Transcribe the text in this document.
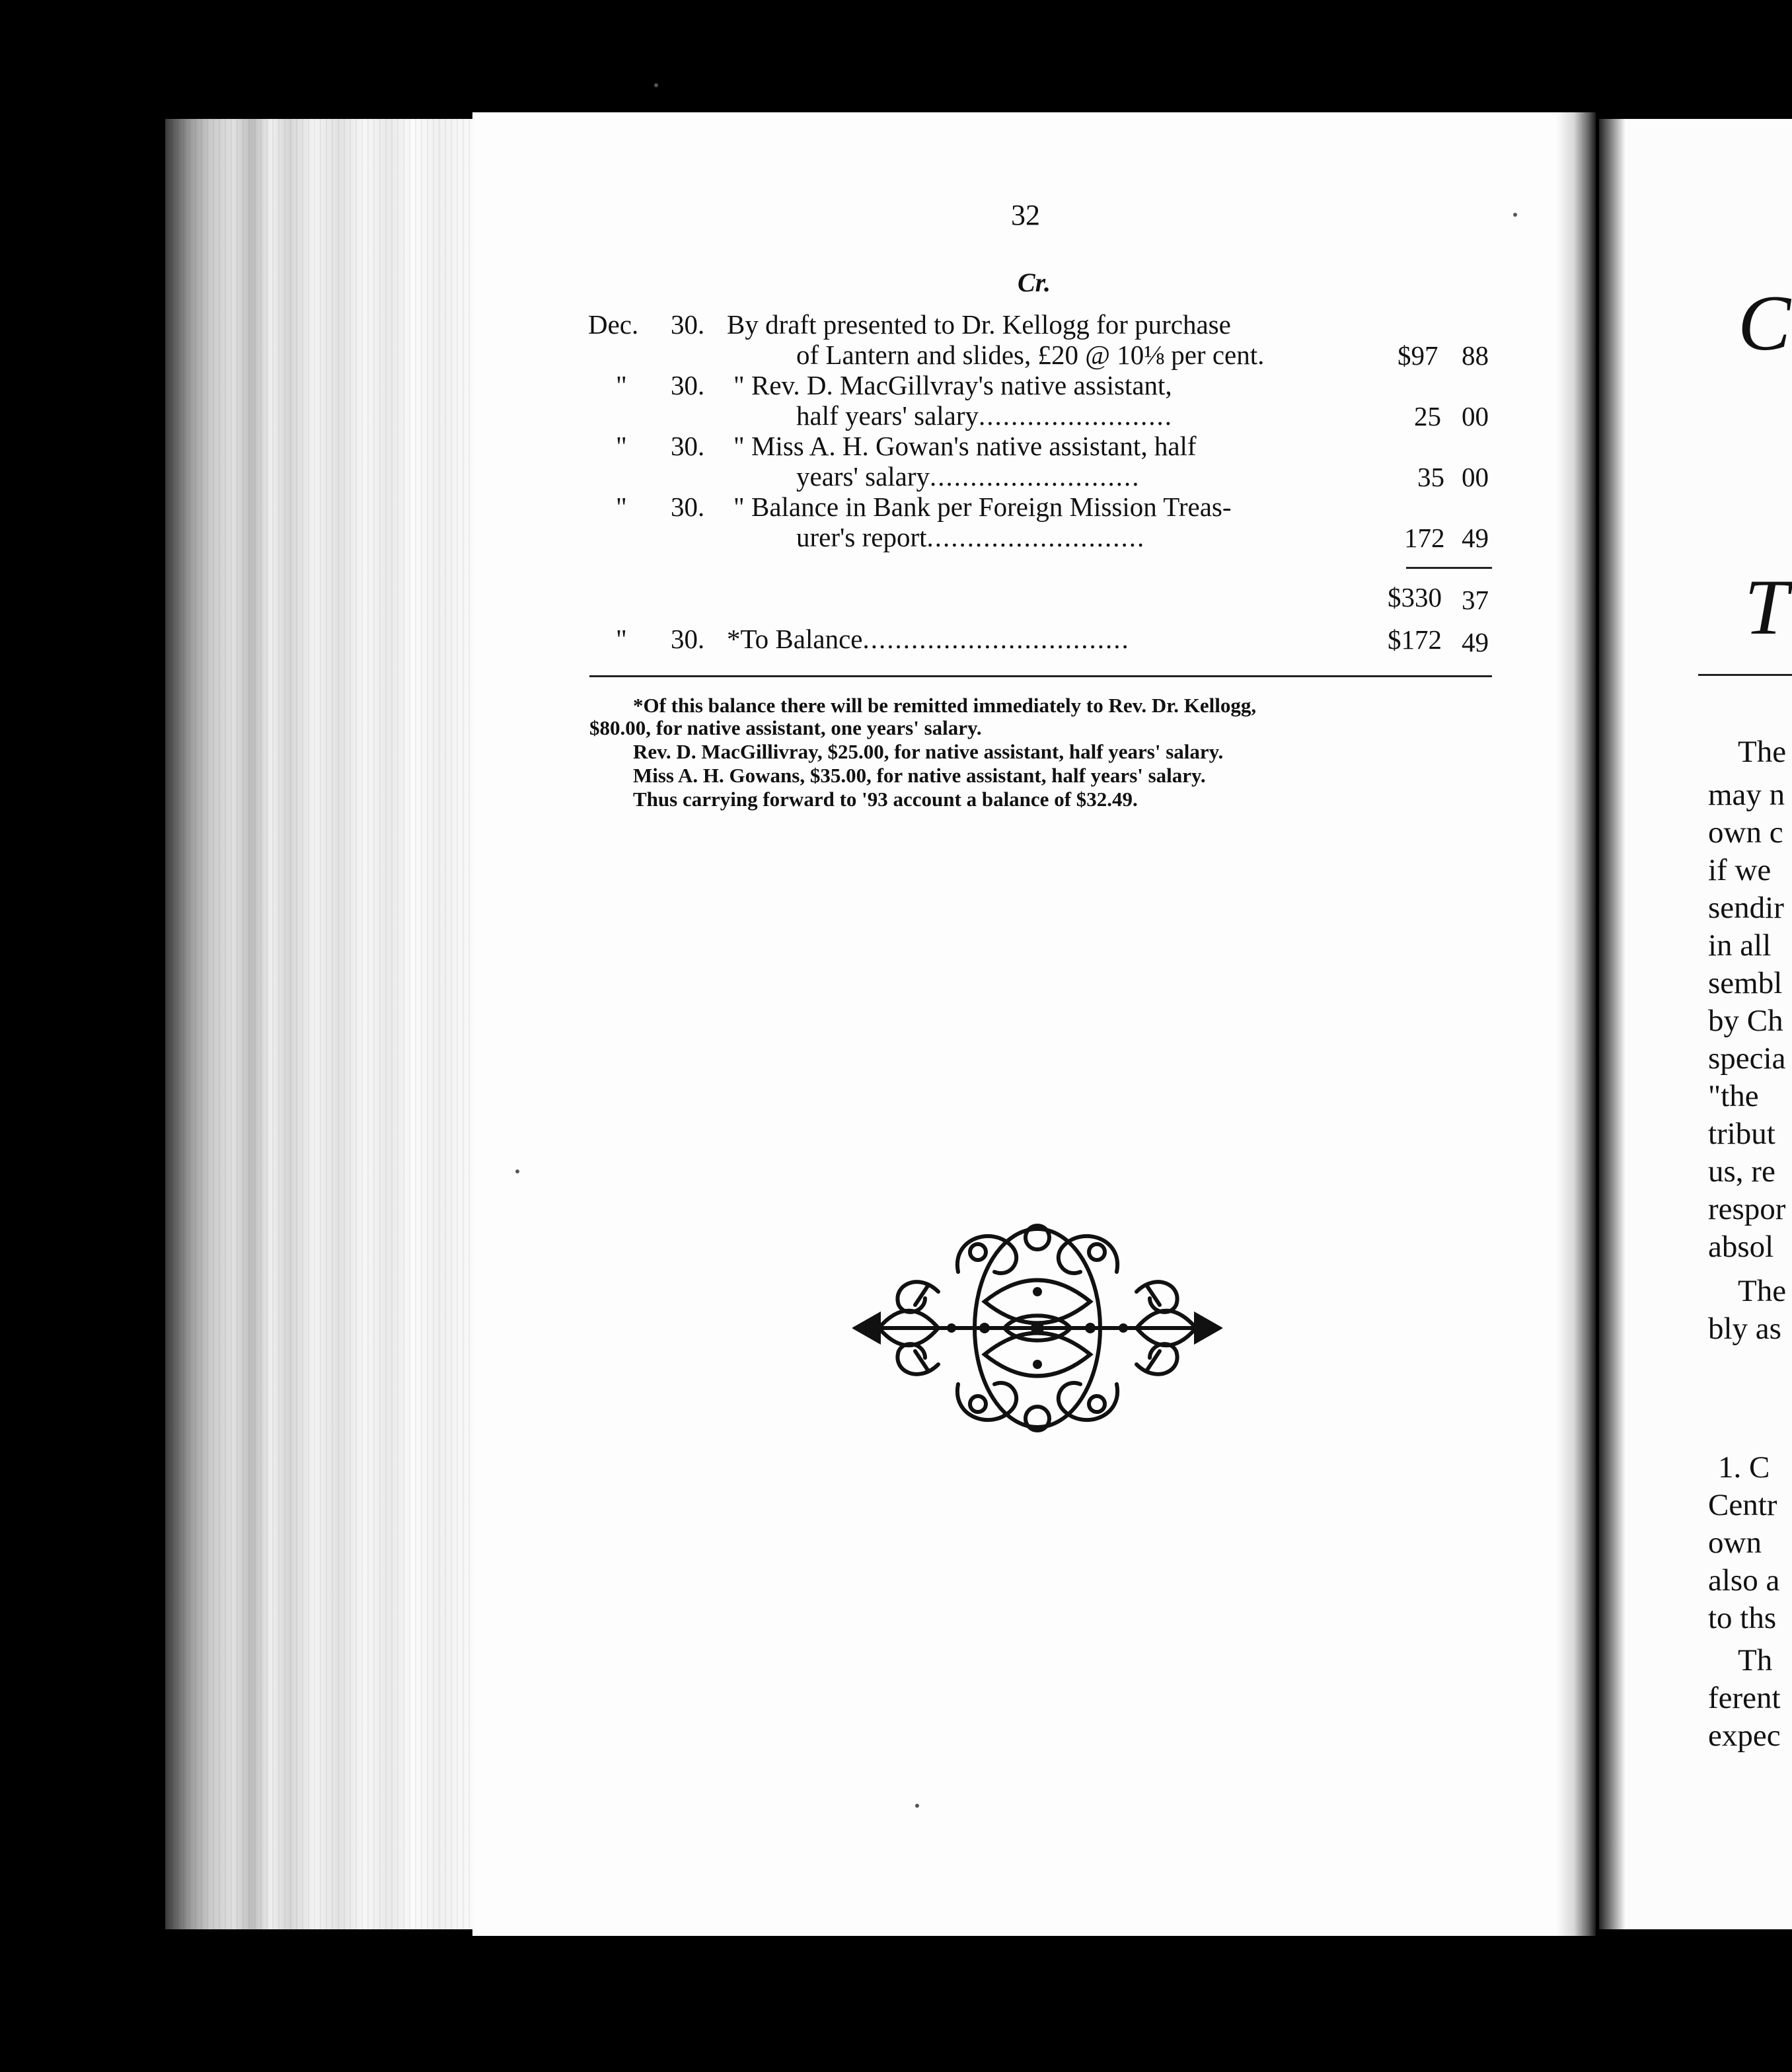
32
Cr.
Dec. 30. By draft presented to Dr. Kellogg for purchase
of Lantern and slides, £20 @ 10⅛ per cent.	$97 88
" 30. " Rev. D. MacGillvray's native assistant,
half years' salary........................	25 00
" 30. " Miss A. H. Gowan's native assistant, half
years' salary..........................	35 00
" 30. " Balance in Bank per Foreign Mission Treas-
urer's report...........................	172 49
$330 37
" 30. *To Balance.................................	$172 49
*Of this balance there will be remitted immediately to Rev. Dr. Kellogg,
$80.00, for native assistant, one years' salary.
Rev. D. MacGillivray, $25.00, for native assistant, half years' salary.
Miss A. H. Gowans, $35.00, for native assistant, half years' salary.
Thus carrying forward to '93 account a balance of $32.49.
C
T
The
may n
own c
if we
sendir
in all
sembl
by Ch
specia
"the
tribut
us, re
respor
absol
The
bly as
1. C
Centr
own
also a
to ths
Th
ferent
expec
